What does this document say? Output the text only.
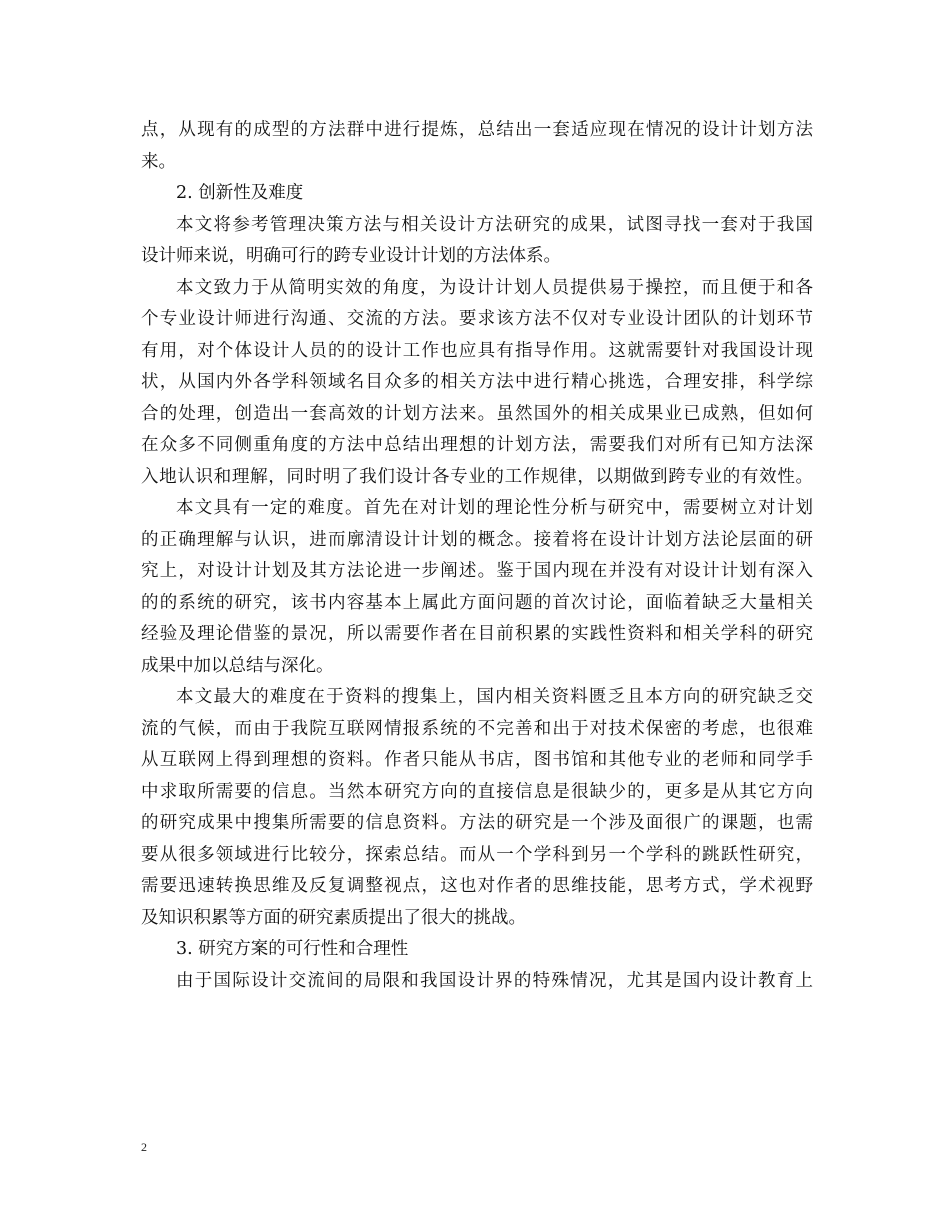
点，从现有的成型的方法群中进行提炼，总结出一套适应现在情况的设计计划方法
来。
2. 创新性及难度
本文将参考管理决策方法与相关设计方法研究的成果，试图寻找一套对于我国
设计师来说，明确可行的跨专业设计计划的方法体系。
本文致力于从简明实效的角度，为设计计划人员提供易于操控，而且便于和各
个专业设计师进行沟通、交流的方法。要求该方法不仅对专业设计团队的计划环节
有用，对个体设计人员的的设计工作也应具有指导作用。这就需要针对我国设计现
状，从国内外各学科领域名目众多的相关方法中进行精心挑选，合理安排，科学综
合的处理，创造出一套高效的计划方法来。虽然国外的相关成果业已成熟，但如何
在众多不同侧重角度的方法中总结出理想的计划方法，需要我们对所有已知方法深
入地认识和理解，同时明了我们设计各专业的工作规律，以期做到跨专业的有效性。
本文具有一定的难度。首先在对计划的理论性分析与研究中，需要树立对计划
的正确理解与认识，进而廓清设计计划的概念。接着将在设计计划方法论层面的研
究上，对设计计划及其方法论进一步阐述。鉴于国内现在并没有对设计计划有深入
的的系统的研究，该书内容基本上属此方面问题的首次讨论，面临着缺乏大量相关
经验及理论借鉴的景况，所以需要作者在目前积累的实践性资料和相关学科的研究
成果中加以总结与深化。
本文最大的难度在于资料的搜集上，国内相关资料匮乏且本方向的研究缺乏交
流的气候，而由于我院互联网情报系统的不完善和出于对技术保密的考虑，也很难
从互联网上得到理想的资料。作者只能从书店，图书馆和其他专业的老师和同学手
中求取所需要的信息。当然本研究方向的直接信息是很缺少的，更多是从其它方向
的研究成果中搜集所需要的信息资料。方法的研究是一个涉及面很广的课题，也需
要从很多领域进行比较分，探索总结。而从一个学科到另一个学科的跳跃性研究，
需要迅速转换思维及反复调整视点，这也对作者的思维技能，思考方式，学术视野
及知识积累等方面的研究素质提出了很大的挑战。
3. 研究方案的可行性和合理性
由于国际设计交流间的局限和我国设计界的特殊情况，尤其是国内设计教育上
2
